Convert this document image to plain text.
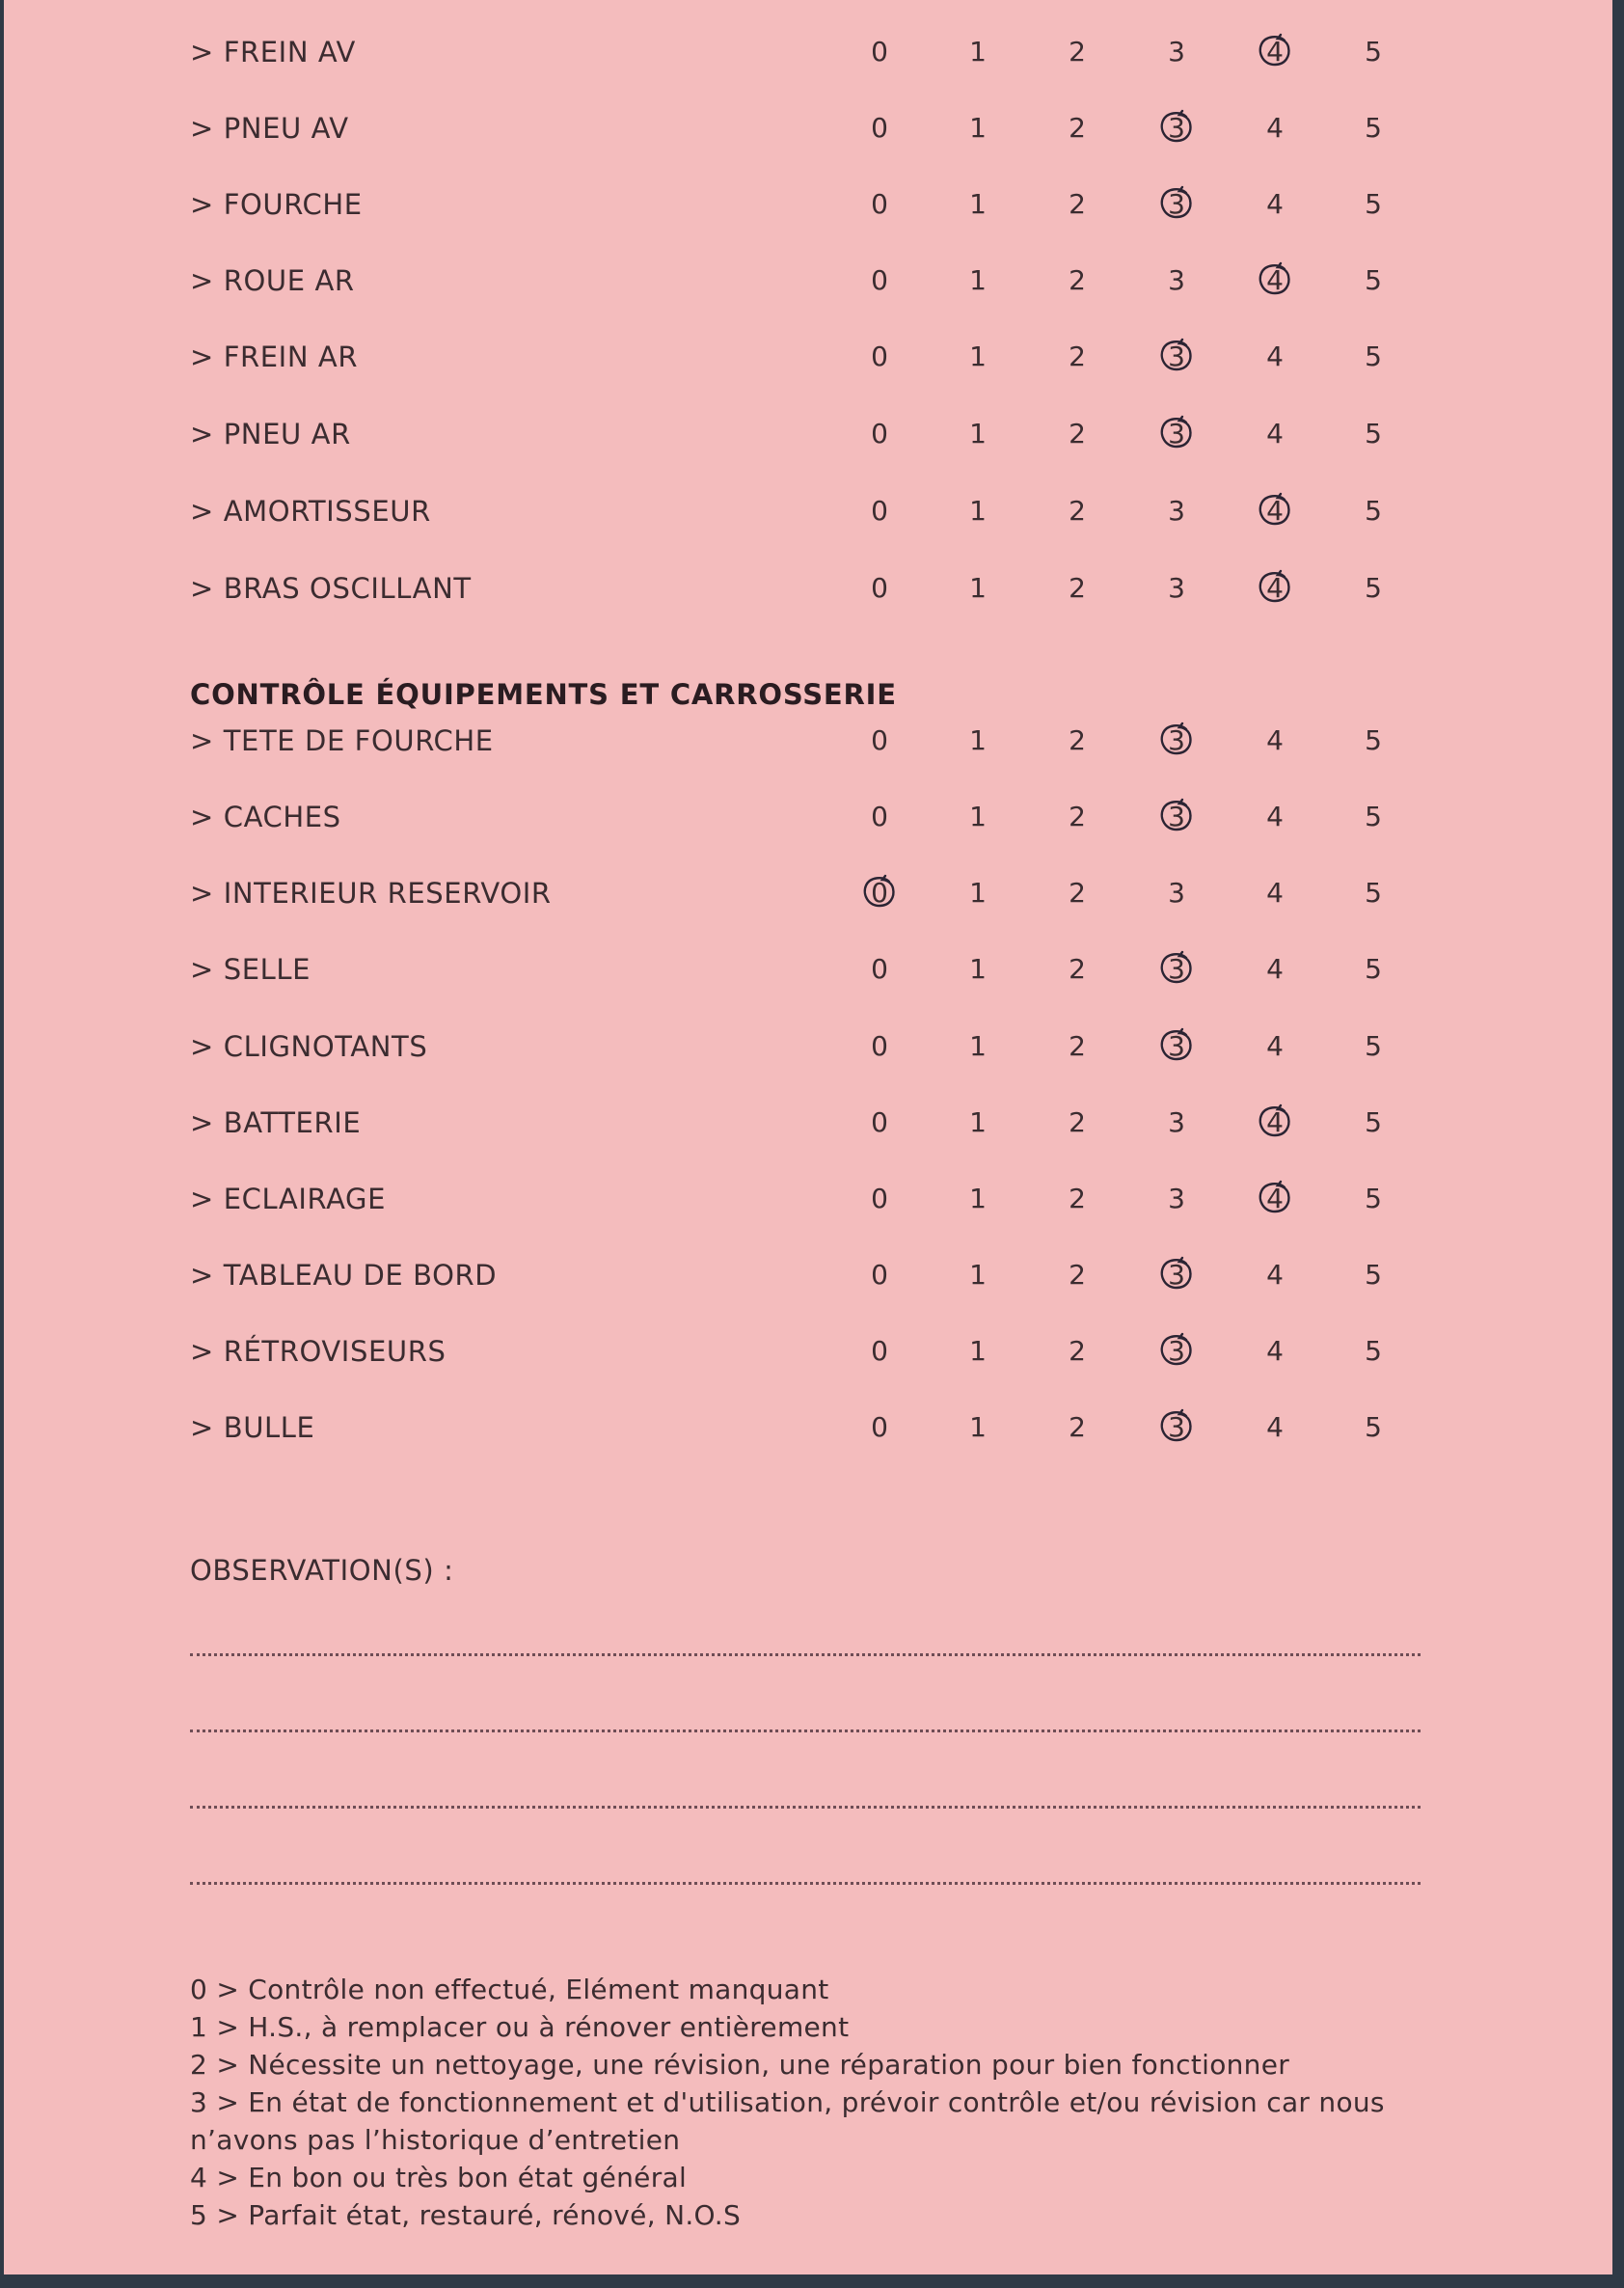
> FREIN AV	0	1	2	3	4	5
> PNEU AV	0	1	2	3	4	5
> FOURCHE	0	1	2	3	4	5
> ROUE AR	0	1	2	3	4	5
> FREIN AR	0	1	2	3	4	5
> PNEU AR	0	1	2	3	4	5
> AMORTISSEUR	0	1	2	3	4	5
> BRAS OSCILLANT	0	1	2	3	4	5
CONTRÔLE ÉQUIPEMENTS ET CARROSSERIE
> TETE DE FOURCHE	0	1	2	3	4	5
> CACHES	0	1	2	3	4	5
> INTERIEUR RESERVOIR	0	1	2	3	4	5
> SELLE	0	1	2	3	4	5
> CLIGNOTANTS	0	1	2	3	4	5
> BATTERIE	0	1	2	3	4	5
> ECLAIRAGE	0	1	2	3	4	5
> TABLEAU DE BORD	0	1	2	3	4	5
> RÉTROVISEURS	0	1	2	3	4	5
> BULLE	0	1	2	3	4	5
OBSERVATION(S) :
0 > Contrôle non effectué, Elément manquant
1 > H.S., à remplacer ou à rénover entièrement
2 > Nécessite un nettoyage, une révision, une réparation pour bien fonctionner
3 > En état de fonctionnement et d'utilisation, prévoir contrôle et/ou révision car nous n’avons pas l’historique d’entretien
4 > En bon ou très bon état général
5 > Parfait état, restauré, rénové, N.O.S
